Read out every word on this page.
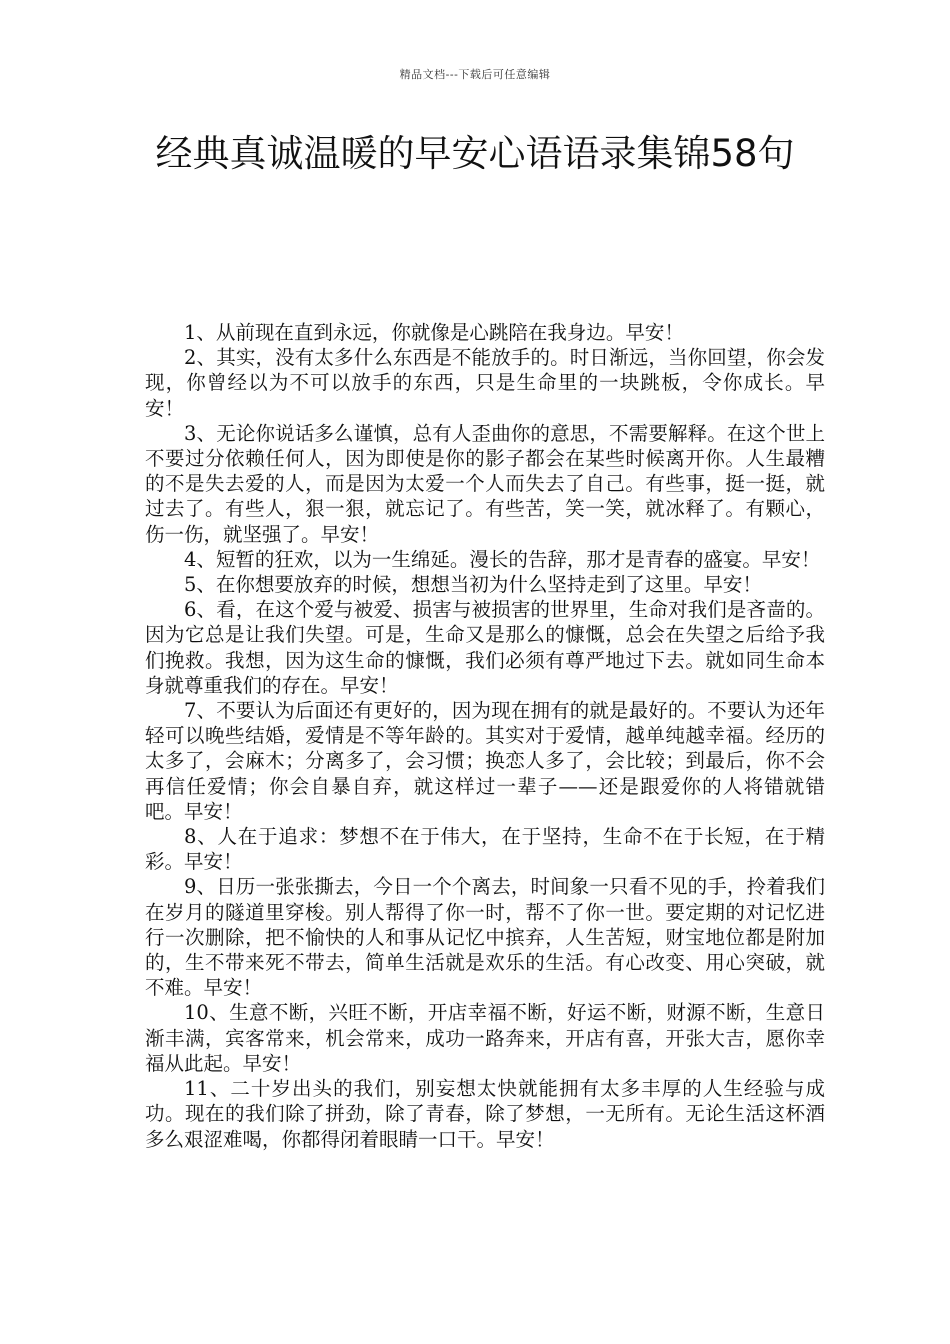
精品文档---下载后可任意编辑
经典真诚温暖的早安心语语录集锦58句

1、从前现在直到永远，你就像是心跳陪在我身边。早安！

2、其实，没有太多什么东西是不能放手的。时日渐远，当你回望，你会发现，你曾经以为不可以放手的东西，只是生命里的一块跳板，令你成长。早安！

3、无论你说话多么谨慎，总有人歪曲你的意思，不需要解释。在这个世上不要过分依赖任何人，因为即使是你的影子都会在某些时候离开你。人生最糟的不是失去爱的人，而是因为太爱一个人而失去了自己。有些事，挺一挺，就过去了。有些人，狠一狠，就忘记了。有些苦，笑一笑，就冰释了。有颗心，伤一伤，就坚强了。早安！

4、短暂的狂欢，以为一生绵延。漫长的告辞，那才是青春的盛宴。早安！

5、在你想要放弃的时候，想想当初为什么坚持走到了这里。早安！

6、看，在这个爱与被爱、损害与被损害的世界里，生命对我们是吝啬的。因为它总是让我们失望。可是，生命又是那么的慷慨，总会在失望之后给予我们挽救。我想，因为这生命的慷慨，我们必须有尊严地过下去。就如同生命本身就尊重我们的存在。早安！

7、不要认为后面还有更好的，因为现在拥有的就是最好的。不要认为还年轻可以晚些结婚，爱情是不等年龄的。其实对于爱情，越单纯越幸福。经历的太多了，会麻木；分离多了，会习惯；换恋人多了，会比较；到最后，你不会再信任爱情；你会自暴自弃，就这样过一辈子——还是跟爱你的人将错就错吧。早安！

8、人在于追求：梦想不在于伟大，在于坚持，生命不在于长短，在于精彩。早安！

9、日历一张张撕去，今日一个个离去，时间象一只看不见的手，拎着我们在岁月的隧道里穿梭。别人帮得了你一时，帮不了你一世。要定期的对记忆进行一次删除，把不愉快的人和事从记忆中摈弃，人生苦短，财宝地位都是附加的，生不带来死不带去，简单生活就是欢乐的生活。有心改变、用心突破，就不难。早安！

10、生意不断，兴旺不断，开店幸福不断，好运不断，财源不断，生意日渐丰满，宾客常来，机会常来，成功一路奔来，开店有喜，开张大吉，愿你幸福从此起。早安！

11、二十岁出头的我们，别妄想太快就能拥有太多丰厚的人生经验与成功。现在的我们除了拼劲，除了青春，除了梦想，一无所有。无论生活这杯酒多么艰涩难喝，你都得闭着眼睛一口干。早安！
